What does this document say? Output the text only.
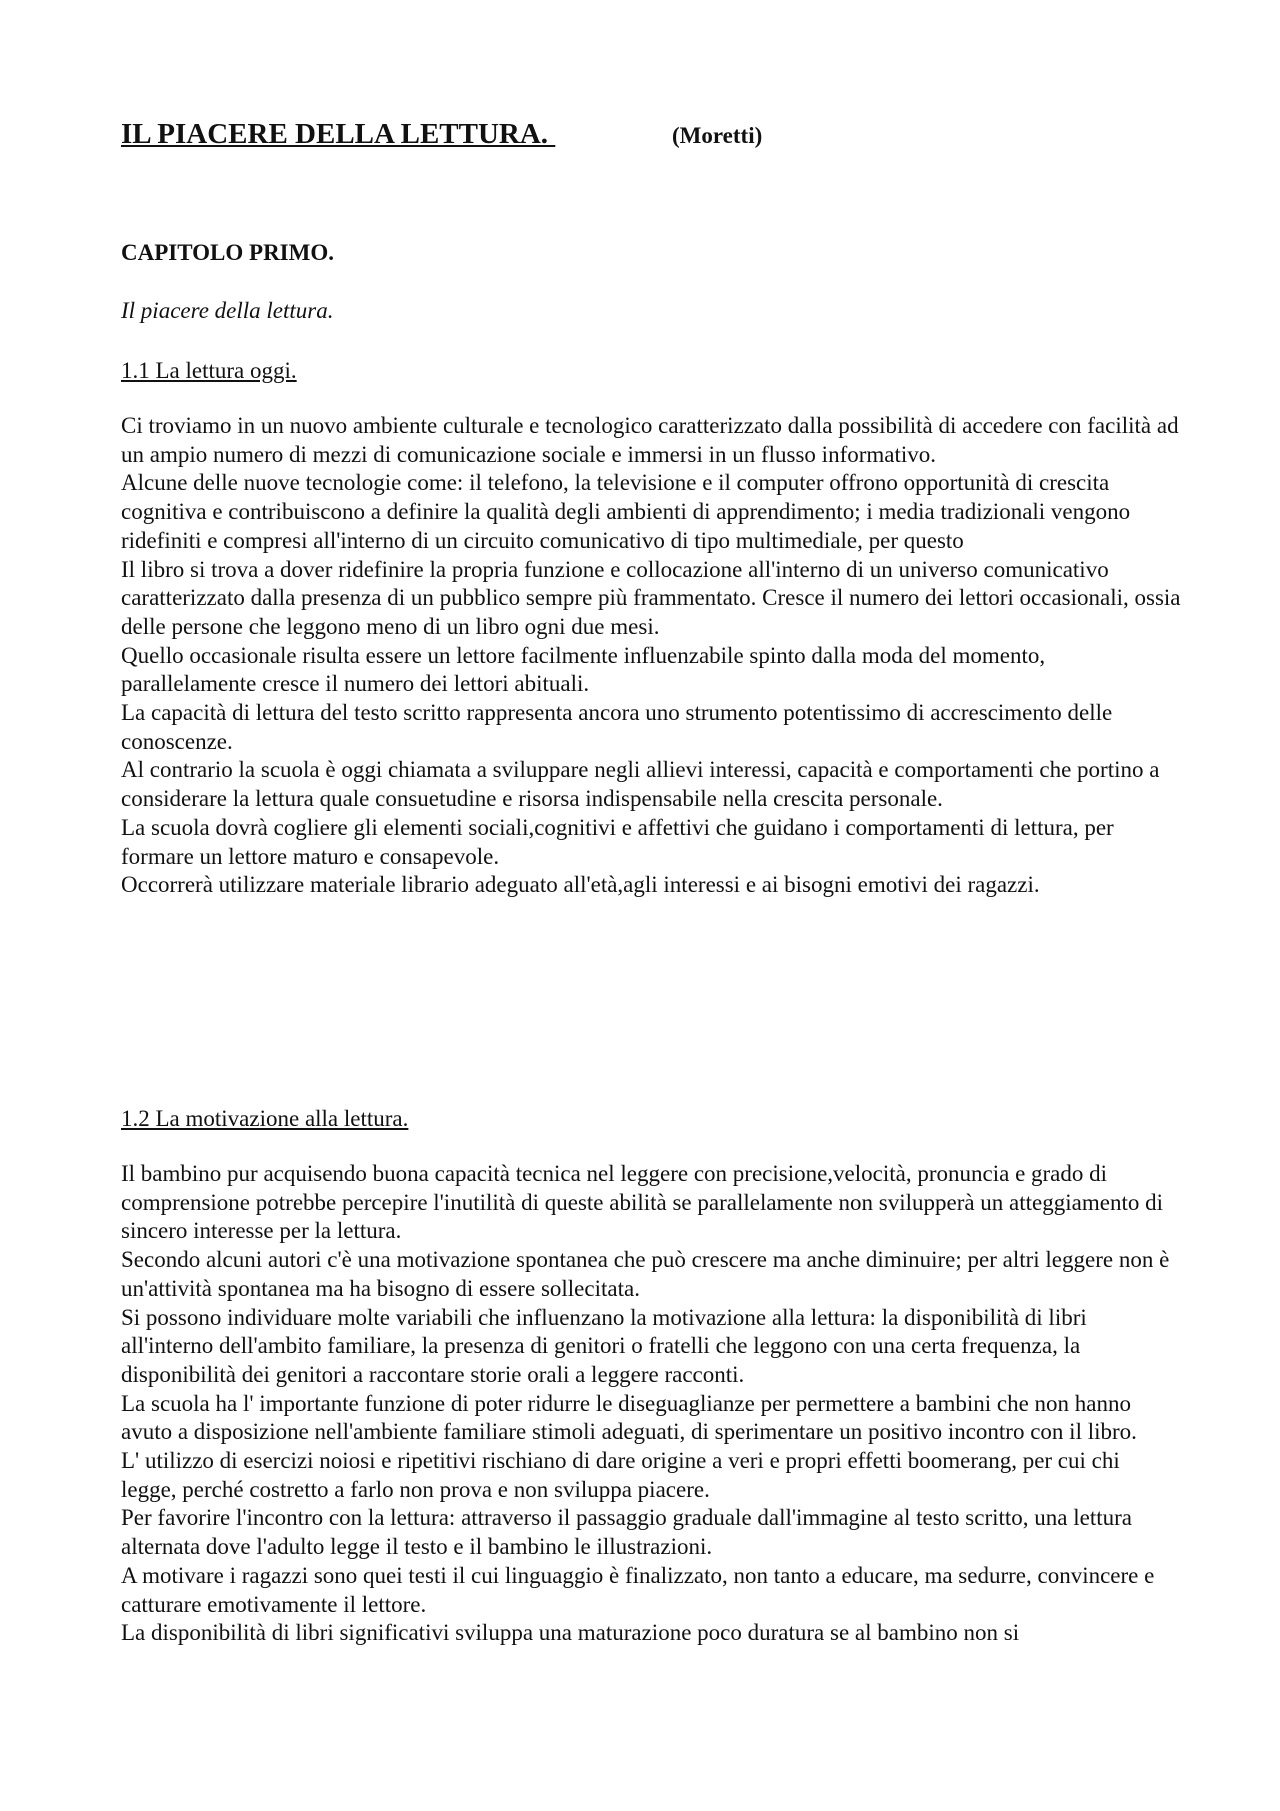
IL PIACERE DELLA LETTURA.	(Moretti)
CAPITOLO PRIMO.
Il piacere della lettura.
1.1 La lettura oggi.

Ci troviamo in un nuovo ambiente culturale e tecnologico caratterizzato dalla possibilità di accedere con facilità ad un ampio numero di mezzi di comunicazione sociale e immersi in un flusso informativo.

Alcune delle nuove tecnologie come: il telefono, la televisione e il computer offrono opportunità di crescita cognitiva e contribuiscono a definire la qualità degli ambienti di apprendimento; i media tradizionali vengono ridefiniti e compresi all'interno di un circuito comunicativo di tipo multimediale, per questo

Il libro si trova a dover ridefinire la propria funzione e collocazione all'interno di un universo comunicativo caratterizzato dalla presenza di un pubblico sempre più frammentato. Cresce il numero dei lettori occasionali, ossia delle persone che leggono meno di un libro ogni due mesi.

Quello occasionale risulta essere un lettore facilmente influenzabile spinto dalla moda del momento, parallelamente cresce il numero dei lettori abituali.

La capacità di lettura del testo scritto rappresenta ancora uno strumento potentissimo di accrescimento delle conoscenze.

Al contrario la scuola è oggi chiamata a sviluppare negli allievi interessi, capacità e comportamenti che portino a considerare la lettura quale consuetudine e risorsa indispensabile nella crescita personale.

La scuola dovrà cogliere gli elementi sociali,cognitivi e affettivi che guidano i comportamenti di lettura, per formare un lettore maturo e consapevole.

Occorrerà utilizzare materiale librario adeguato all'età,agli interessi e ai bisogni emotivi dei ragazzi.

1.2 La motivazione alla lettura.

Il bambino pur acquisendo buona capacità tecnica nel leggere con precisione,velocità, pronuncia e grado di comprensione potrebbe percepire l'inutilità di queste abilità se parallelamente non svilupperà un atteggiamento di sincero interesse per la lettura.

Secondo alcuni autori c'è una motivazione spontanea che può crescere ma anche diminuire; per altri leggere non è un'attività spontanea ma ha bisogno di essere sollecitata.

Si possono individuare molte variabili che influenzano la motivazione alla lettura: la disponibilità di libri all'interno dell'ambito familiare, la presenza di genitori o fratelli che leggono con una certa frequenza, la disponibilità dei genitori a raccontare storie orali a leggere racconti.

La scuola ha l' importante funzione di poter ridurre le diseguaglianze per permettere a bambini che non hanno avuto a disposizione nell'ambiente familiare stimoli adeguati, di sperimentare un positivo incontro con il libro.

L' utilizzo di esercizi noiosi e ripetitivi rischiano di dare origine a veri e propri effetti boomerang, per cui chi legge, perché costretto a farlo non prova e non sviluppa piacere.

Per favorire l'incontro con la lettura: attraverso il passaggio graduale dall'immagine al testo scritto, una lettura alternata dove l'adulto legge il testo e il bambino le illustrazioni.

A motivare i ragazzi sono quei testi il cui linguaggio è finalizzato, non tanto a educare, ma sedurre, convincere e catturare emotivamente il lettore.

La disponibilità di libri significativi sviluppa una maturazione poco duratura se al bambino non si
